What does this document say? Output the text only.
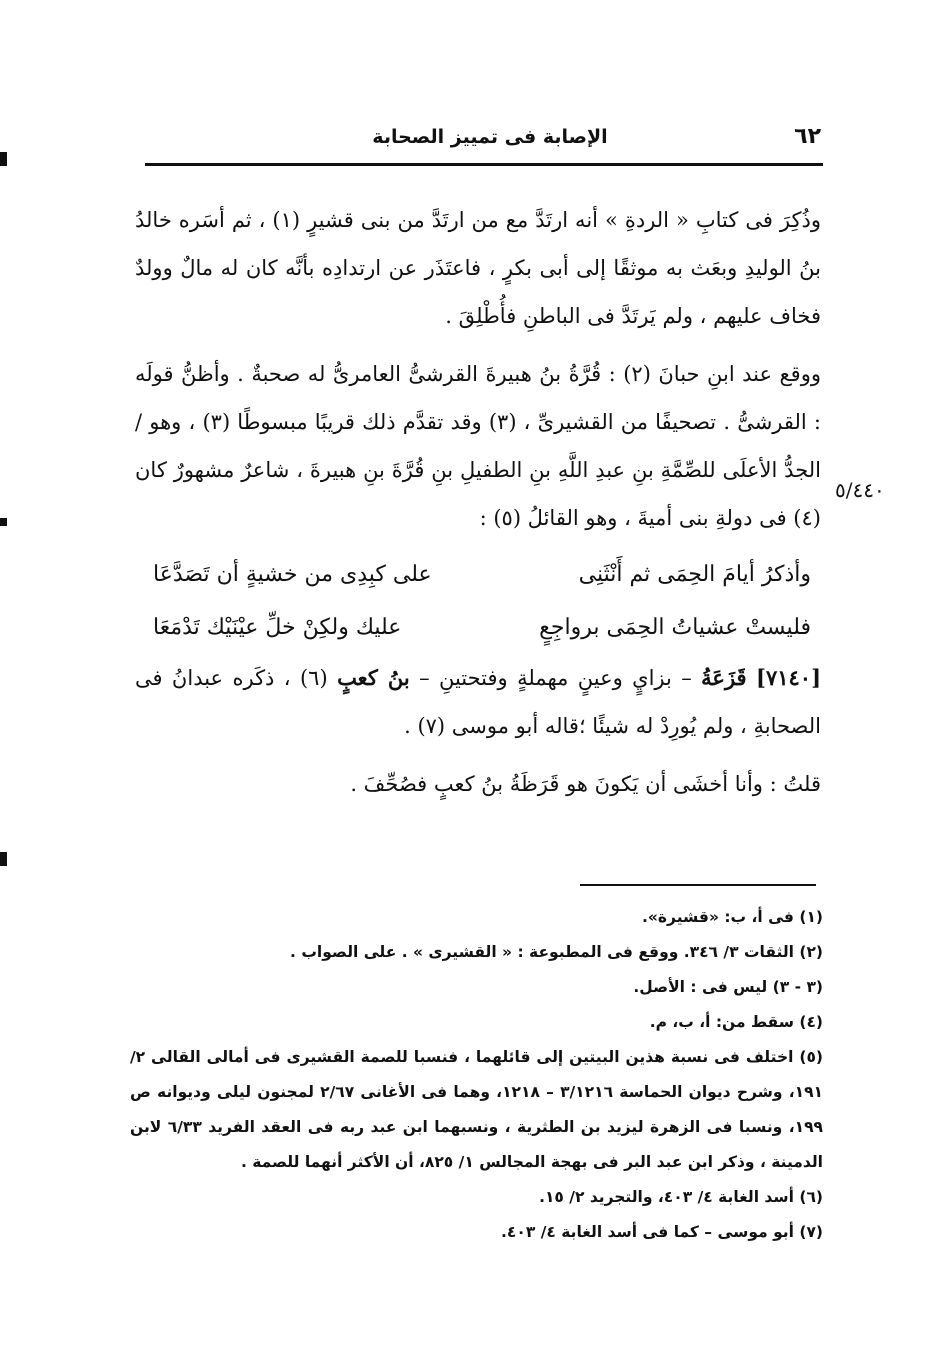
٦٢
الإصابة فى تمييز الصحابة
٥/٤٤٠

وذُكِرَ فى كتابِ « الردةِ » أنه ارتَدَّ مع من ارتَدَّ من بنى قشيرٍ (١) ، ثم أسَره خالدُ بنُ الوليدِ وبعَث به موثقًا إلى أبى بكرٍ ، فاعتَذَر عن ارتدادِه بأنَّه كان له مالٌ وولدٌ فخاف عليهم ، ولم يَرتَدَّ فى الباطنِ فأُطْلِقَ .

ووقع عند ابنِ حبانَ (٢) : قُرَّةُ بنُ هبيرةَ القرشىُّ العامرىُّ له صحبةٌ . وأظنُّ قولَه : القرشىُّ . تصحيفًا من القشيرىِّ ، (٣) وقد تقدَّم ذلك قريبًا مبسوطًا (٣) ، وهو / الجدُّ الأعلَى للصِّمَّةِ بنِ عبدِ اللَّهِ بنِ الطفيلِ بنِ قُرَّةَ بنِ هبيرةَ ، شاعرٌ مشهورٌ كان (٤) فى دولةِ بنى أميةَ ، وهو القائلُ (٥) :

وأذكرُ أيامَ الحِمَى ثم أَنْثَنِى
على كبِدِى من خشيةٍ أن تَصَدَّعَا
فليستْ عشياتُ الحِمَى برواجِعٍ
عليك ولكِنْ خلِّ عيْنَيْك تَدْمَعَا

[٧١٤٠] قَزَعَةُ – بزايٍ وعينٍ مهملةٍ وفتحتينِ – بنُ كعبٍ (٦) ، ذكَره عبدانُ فى الصحابةِ ، ولم يُورِدْ له شيئًا ؛قاله أبو موسى (٧) .

قلتُ : وأنا أخشَى أن يَكونَ هو قَرَظَةُ بنُ كعبٍ فصُحِّفَ .

(١) فى أ، ب: «قشيرة».

(٢) الثقات ٣/ ٣٤٦. ووقع فى المطبوعة : « القشيرى » . على الصواب .

(٣ - ٣) ليس فى : الأصل.

(٤) سقط من: أ، ب، م.

(٥) اختلف فى نسبة هذين البيتين إلى قائلهما ، فنسبا للصمة القشيرى فى أمالى القالى ٢/ ١٩١، وشرح ديوان الحماسة ٣/١٢١٦ – ١٢١٨، وهما فى الأغانى ٢/٦٧ لمجنون ليلى وديوانه ص ١٩٩، ونسبا فى الزهرة ليزيد بن الطثرية ، ونسبهما ابن عبد ربه فى العقد الفريد ٦/٣٣ لابن الدمينة ، وذكر ابن عبد البر فى بهجة المجالس ١/ ٨٢٥، أن الأكثر أنهما للصمة .

(٦) أسد الغابة ٤/ ٤٠٣، والتجريد ٢/ ١٥.

(٧) أبو موسى – كما فى أسد الغابة ٤/ ٤٠٣.
